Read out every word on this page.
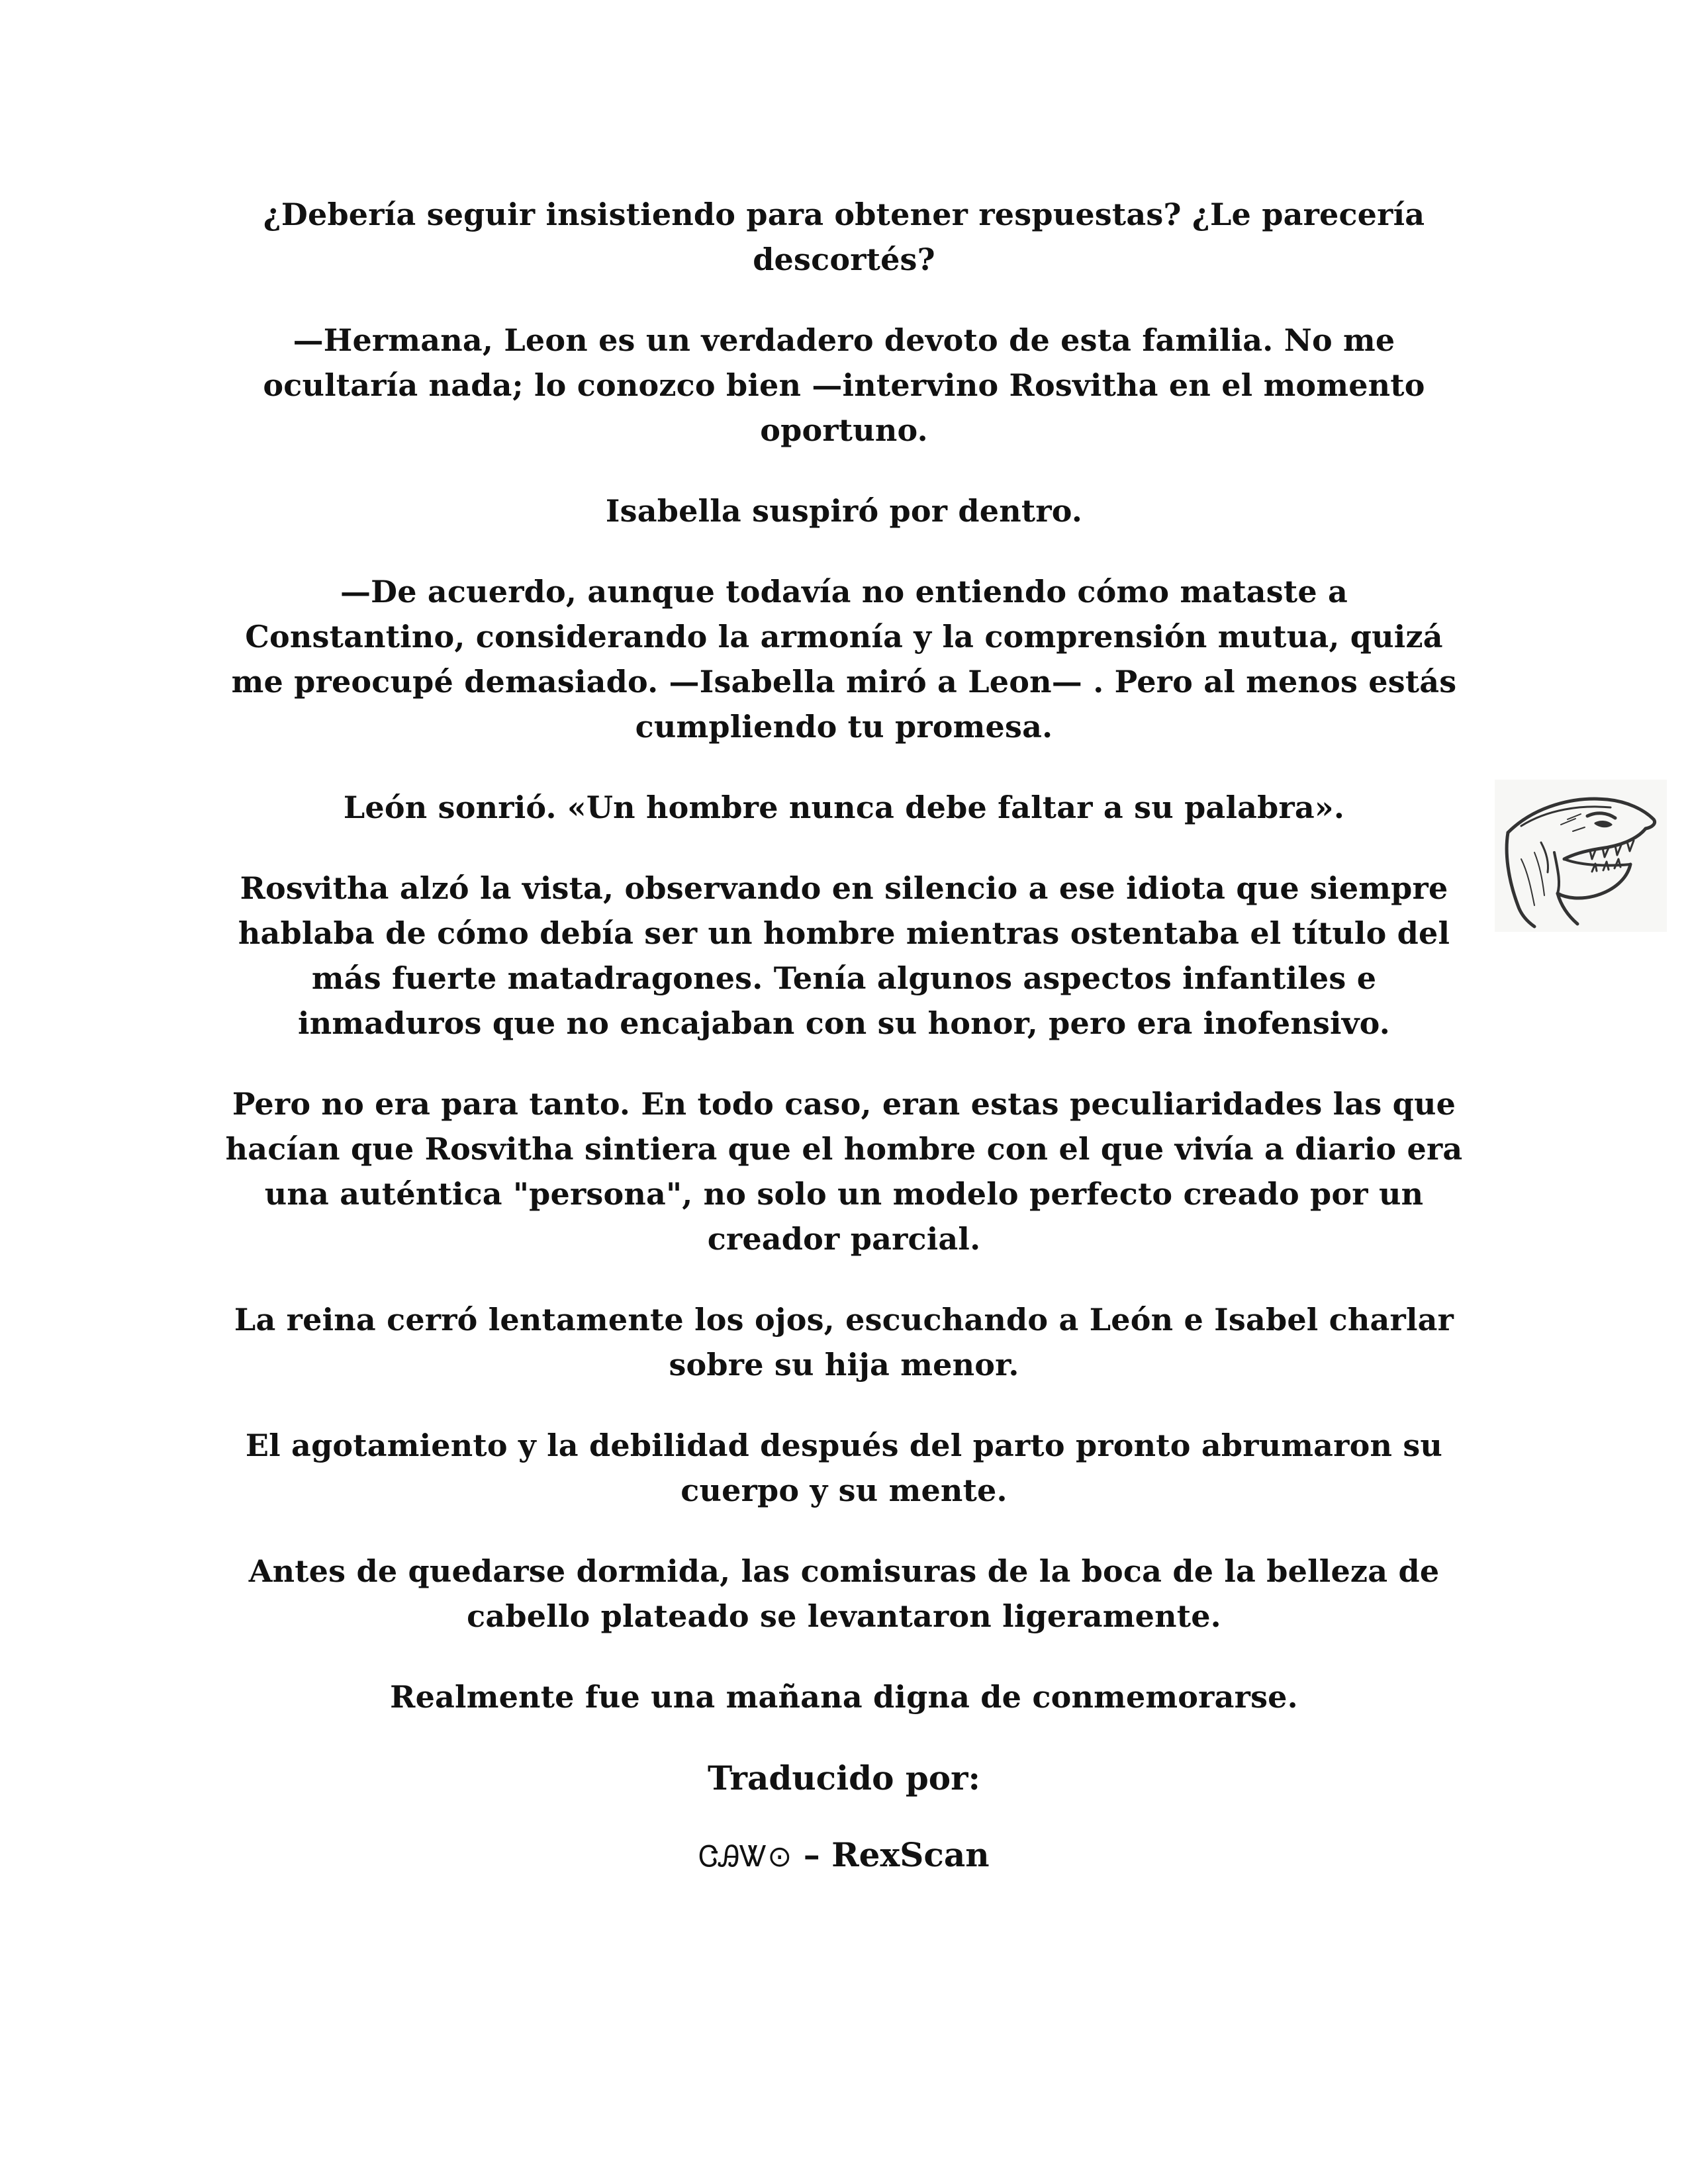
¿Debería seguir insistiendo para obtener respuestas? ¿Le parecería descortés?

—Hermana, Leon es un verdadero devoto de esta familia. No me ocultaría nada; lo conozco bien —intervino Rosvitha en el momento oportuno.

Isabella suspiró por dentro.

—De acuerdo, aunque todavía no entiendo cómo mataste a Constantino, considerando la armonía y la comprensión mutua, quizá me preocupé demasiado. —Isabella miró a Leon— . Pero al menos estás cumpliendo tu promesa.

León sonrió. «Un hombre nunca debe faltar a su palabra».

Rosvitha alzó la vista, observando en silencio a ese idiota que siempre hablaba de cómo debía ser un hombre mientras ostentaba el título del más fuerte matadragones. Tenía algunos aspectos infantiles e inmaduros que no encajaban con su honor, pero era inofensivo.

Pero no era para tanto. En todo caso, eran estas peculiaridades las que hacían que Rosvitha sintiera que el hombre con el que vivía a diario era una auténtica "persona", no solo un modelo perfecto creado por un creador parcial.

La reina cerró lentamente los ojos, escuchando a León e Isabel charlar sobre su hija menor.

El agotamiento y la debilidad después del parto pronto abrumaron su cuerpo y su mente.

Antes de quedarse dormida, las comisuras de la boca de la belleza de cabello plateado se levantaron ligeramente.

Realmente fue una mañana digna de conmemorarse.

Traducido por:

ᏣᎯᏔ⊙ – RexScan
